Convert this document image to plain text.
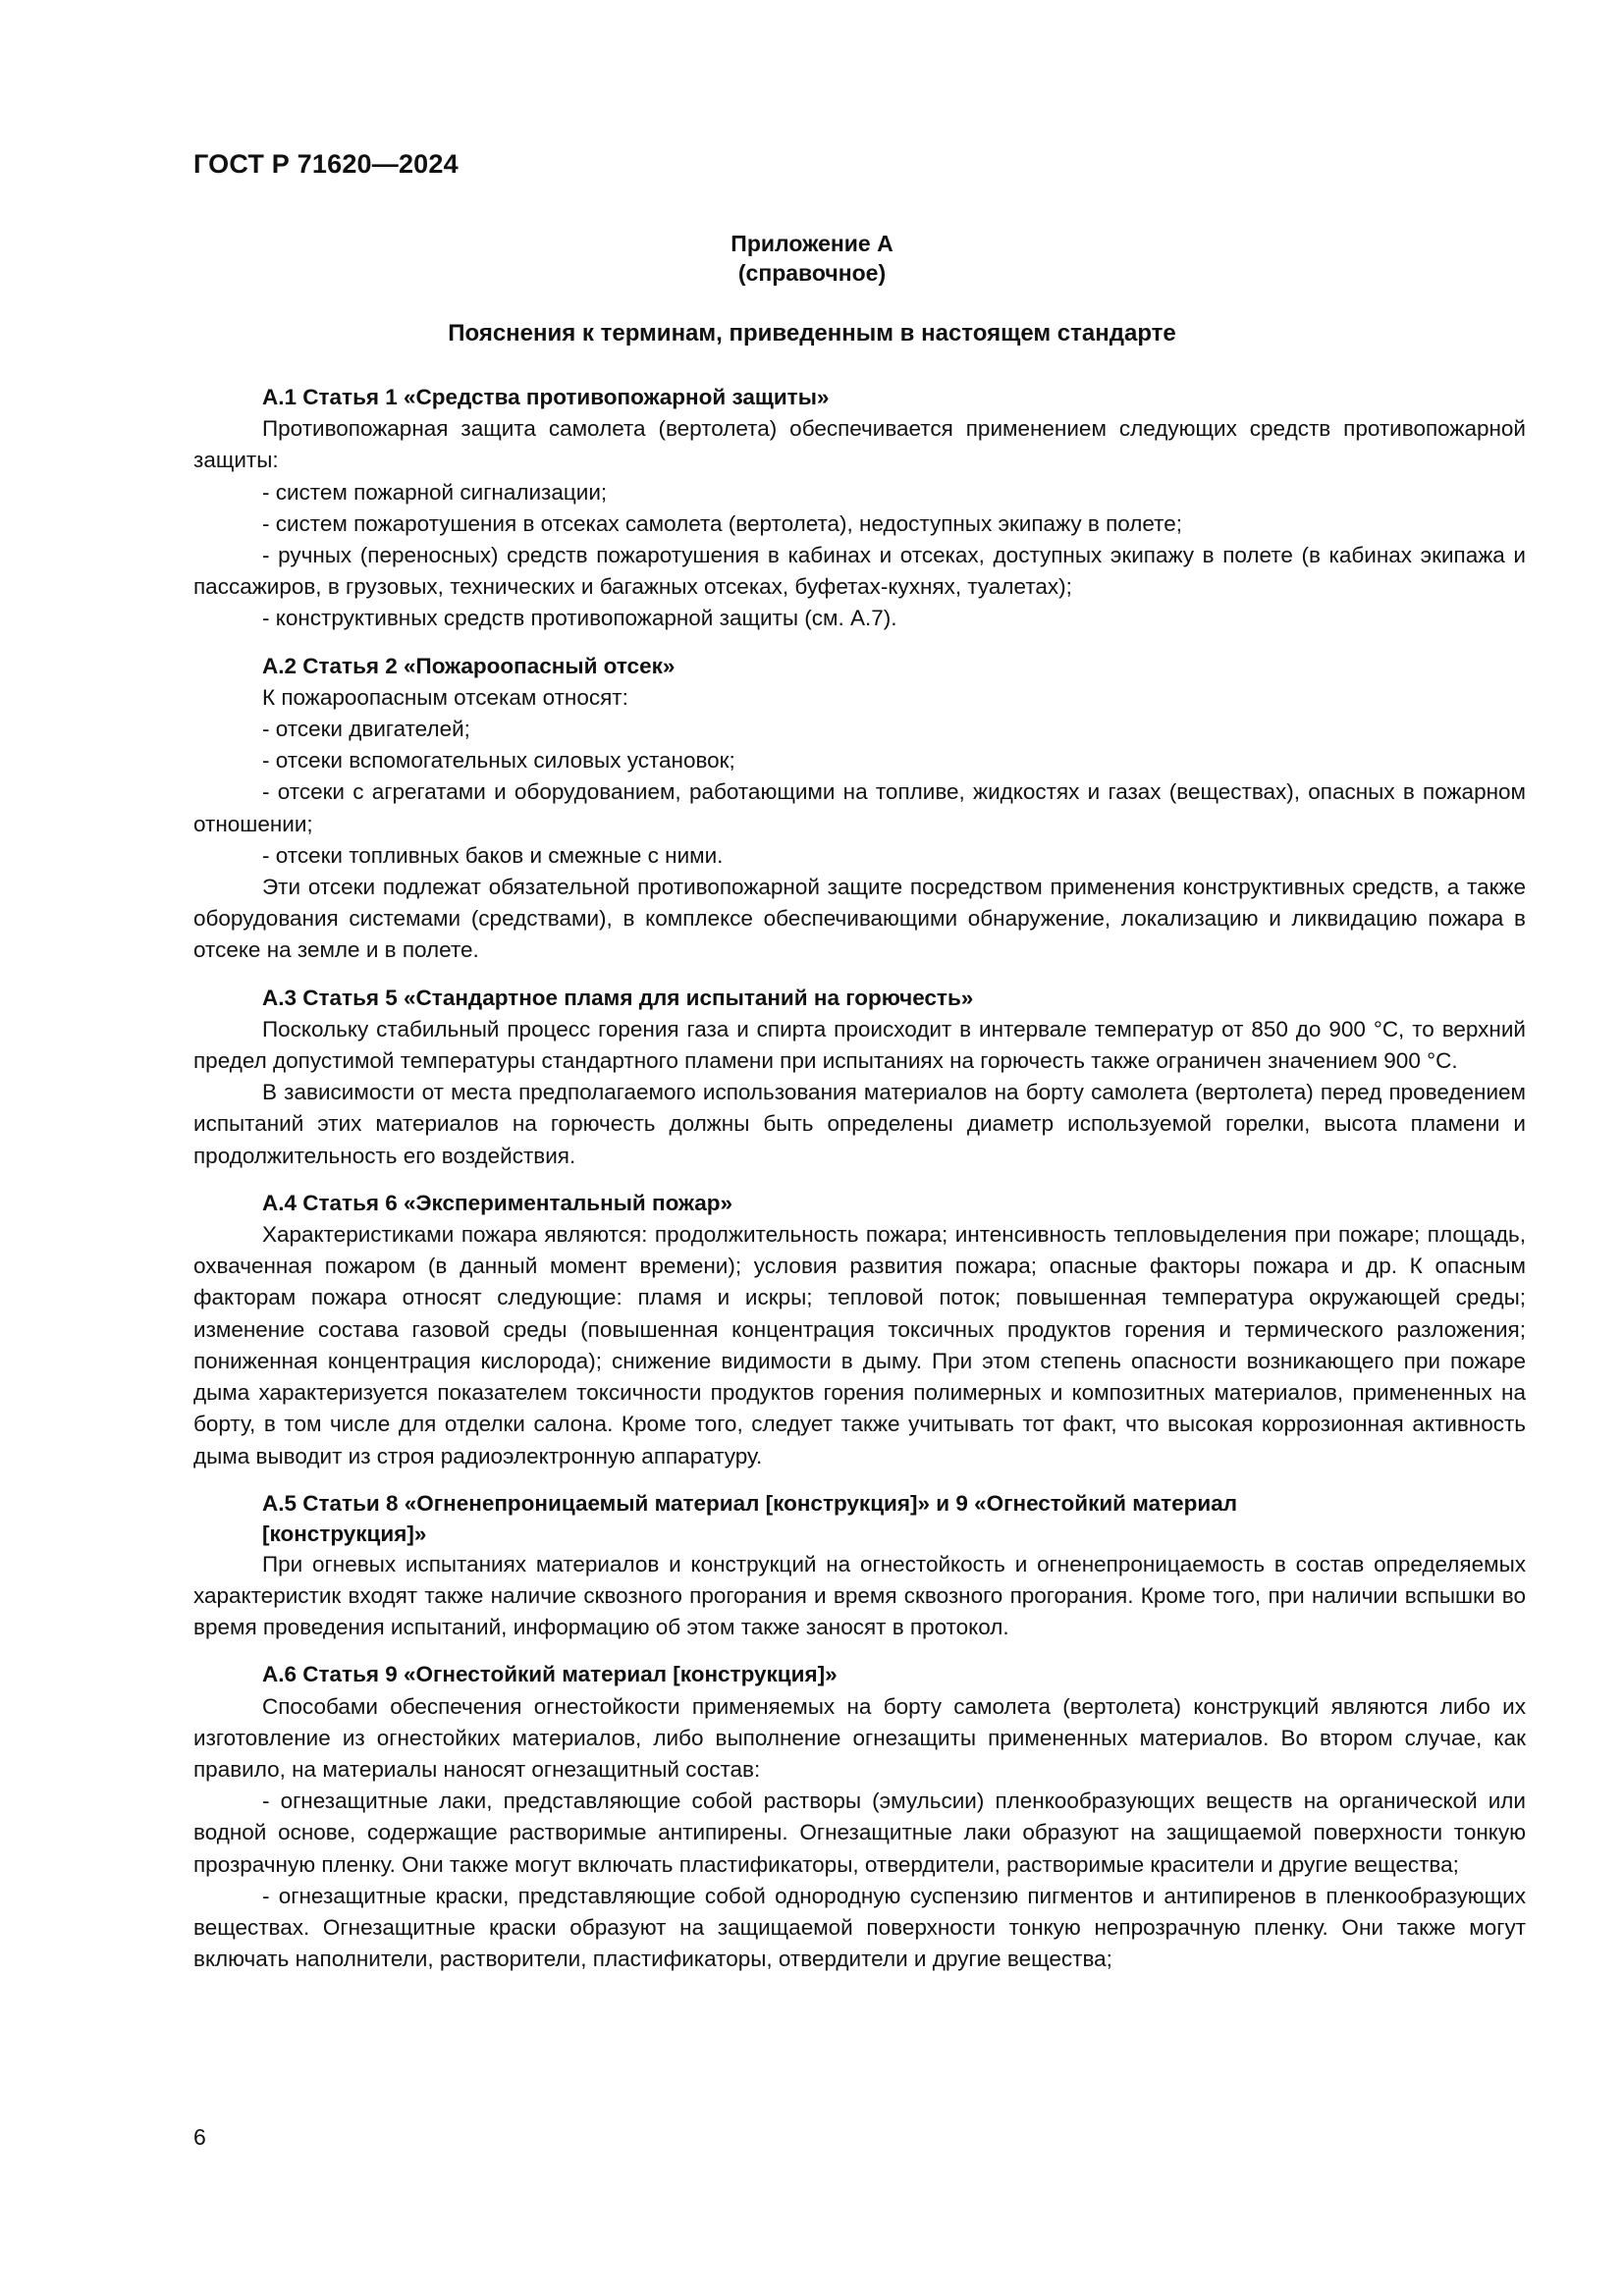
ГОСТ Р 71620—2024
Приложение А
(справочное)
Пояснения к терминам, приведенным в настоящем стандарте

А.1 Статья 1 «Средства противопожарной защиты»

Противопожарная защита самолета (вертолета) обеспечивается применением следующих средств противопожарной защиты:

- систем пожарной сигнализации;

- систем пожаротушения в отсеках самолета (вертолета), недоступных экипажу в полете;

- ручных (переносных) средств пожаротушения в кабинах и отсеках, доступных экипажу в полете (в кабинах экипажа и пассажиров, в грузовых, технических и багажных отсеках, буфетах-кухнях, туалетах);

- конструктивных средств противопожарной защиты (см. А.7).

А.2 Статья 2 «Пожароопасный отсек»

К пожароопасным отсекам относят:

- отсеки двигателей;

- отсеки вспомогательных силовых установок;

- отсеки с агрегатами и оборудованием, работающими на топливе, жидкостях и газах (веществах), опасных в пожарном отношении;

- отсеки топливных баков и смежные с ними.

Эти отсеки подлежат обязательной противопожарной защите посредством применения конструктивных средств, а также оборудования системами (средствами), в комплексе обеспечивающими обнаружение, локализацию и ликвидацию пожара в отсеке на земле и в полете.

А.3 Статья 5 «Стандартное пламя для испытаний на горючесть»

Поскольку стабильный процесс горения газа и спирта происходит в интервале температур от 850 до 900 °С, то верхний предел допустимой температуры стандартного пламени при испытаниях на горючесть также ограничен значением 900 °С.

В зависимости от места предполагаемого использования материалов на борту самолета (вертолета) перед проведением испытаний этих материалов на горючесть должны быть определены диаметр используемой горелки, высота пламени и продолжительность его воздействия.

А.4 Статья 6 «Экспериментальный пожар»

Характеристиками пожара являются: продолжительность пожара; интенсивность тепловыделения при пожаре; площадь, охваченная пожаром (в данный момент времени); условия развития пожара; опасные факторы пожара и др. К опасным факторам пожара относят следующие: пламя и искры; тепловой поток; повышенная температура окружающей среды; изменение состава газовой среды (повышенная концентрация токсичных продуктов горения и термического разложения; пониженная концентрация кислорода); снижение видимости в дыму. При этом степень опасности возникающего при пожаре дыма характеризуется показателем токсичности продуктов горения полимерных и композитных материалов, примененных на борту, в том числе для отделки салона. Кроме того, следует также учитывать тот факт, что высокая коррозионная активность дыма выводит из строя радиоэлектронную аппаратуру.

А.5 Статьи 8 «Огненепроницаемый материал [конструкция]» и 9 «Огнестойкий материал [конструкция]»

При огневых испытаниях материалов и конструкций на огнестойкость и огненепроницаемость в состав определяемых характеристик входят также наличие сквозного прогорания и время сквозного прогорания. Кроме того, при наличии вспышки во время проведения испытаний, информацию об этом также заносят в протокол.

А.6 Статья 9 «Огнестойкий материал [конструкция]»

Способами обеспечения огнестойкости применяемых на борту самолета (вертолета) конструкций являются либо их изготовление из огнестойких материалов, либо выполнение огнезащиты примененных материалов. Во втором случае, как правило, на материалы наносят огнезащитный состав:

- огнезащитные лаки, представляющие собой растворы (эмульсии) пленкообразующих веществ на органической или водной основе, содержащие растворимые антипирены. Огнезащитные лаки образуют на защищаемой поверхности тонкую прозрачную пленку. Они также могут включать пластификаторы, отвердители, растворимые красители и другие вещества;

- огнезащитные краски, представляющие собой однородную суспензию пигментов и антипиренов в пленкообразующих веществах. Огнезащитные краски образуют на защищаемой поверхности тонкую непрозрачную пленку. Они также могут включать наполнители, растворители, пластификаторы, отвердители и другие вещества;

6
